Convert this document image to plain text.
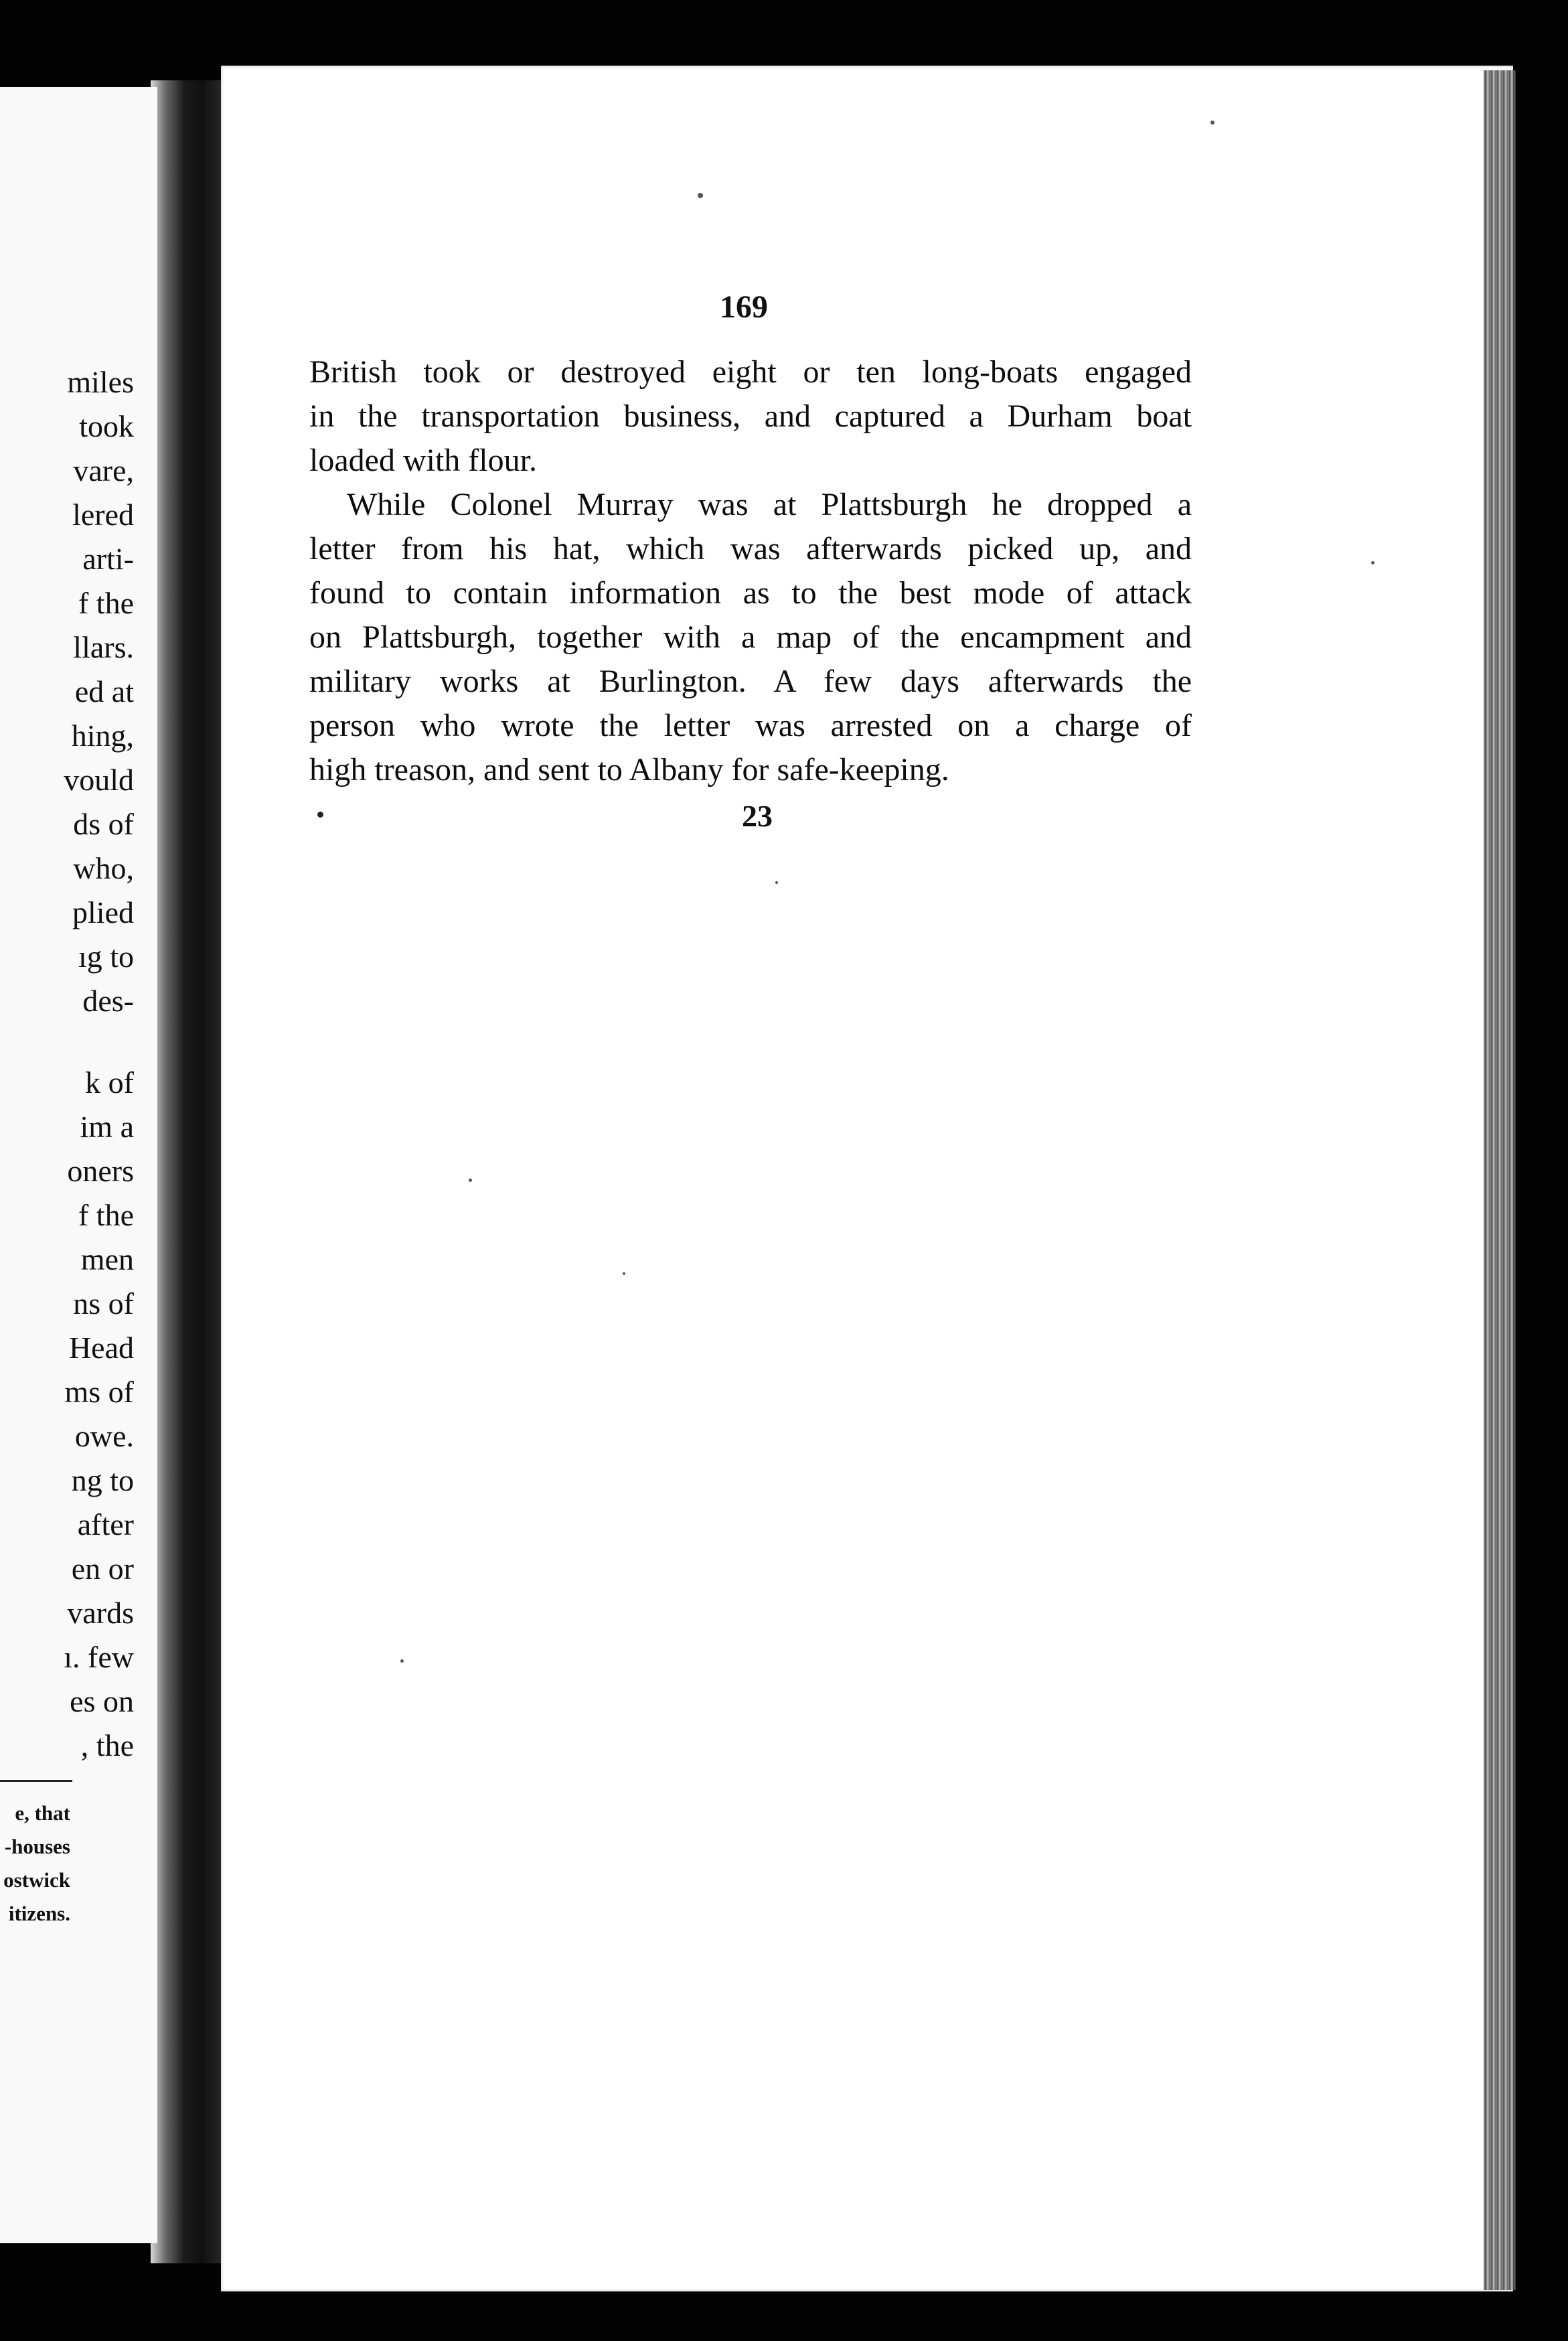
miles
took
vare,
lered
arti-
f the
llars.
ed at
hing,
vould
ds of
who,
plied
ıg to
des-
k of
im a
oners
f the
men
ns of
Head
ms of
owe.
ng to
after
en or
vards
ı. few
es on
, the
e, that
-houses
ostwick
itizens.
169
British took or destroyed eight or ten long-boats engaged
in the transportation business, and captured a Durham boat
loaded with flour.
While Colonel Murray was at Plattsburgh he dropped a
letter from his hat, which was afterwards picked up, and
found to contain information as to the best mode of attack
on Plattsburgh, together with a map of the encampment and
military works at Burlington. A few days afterwards the
person who wrote the letter was arrested on a charge of
high treason, and sent to Albany for safe-keeping.
23
